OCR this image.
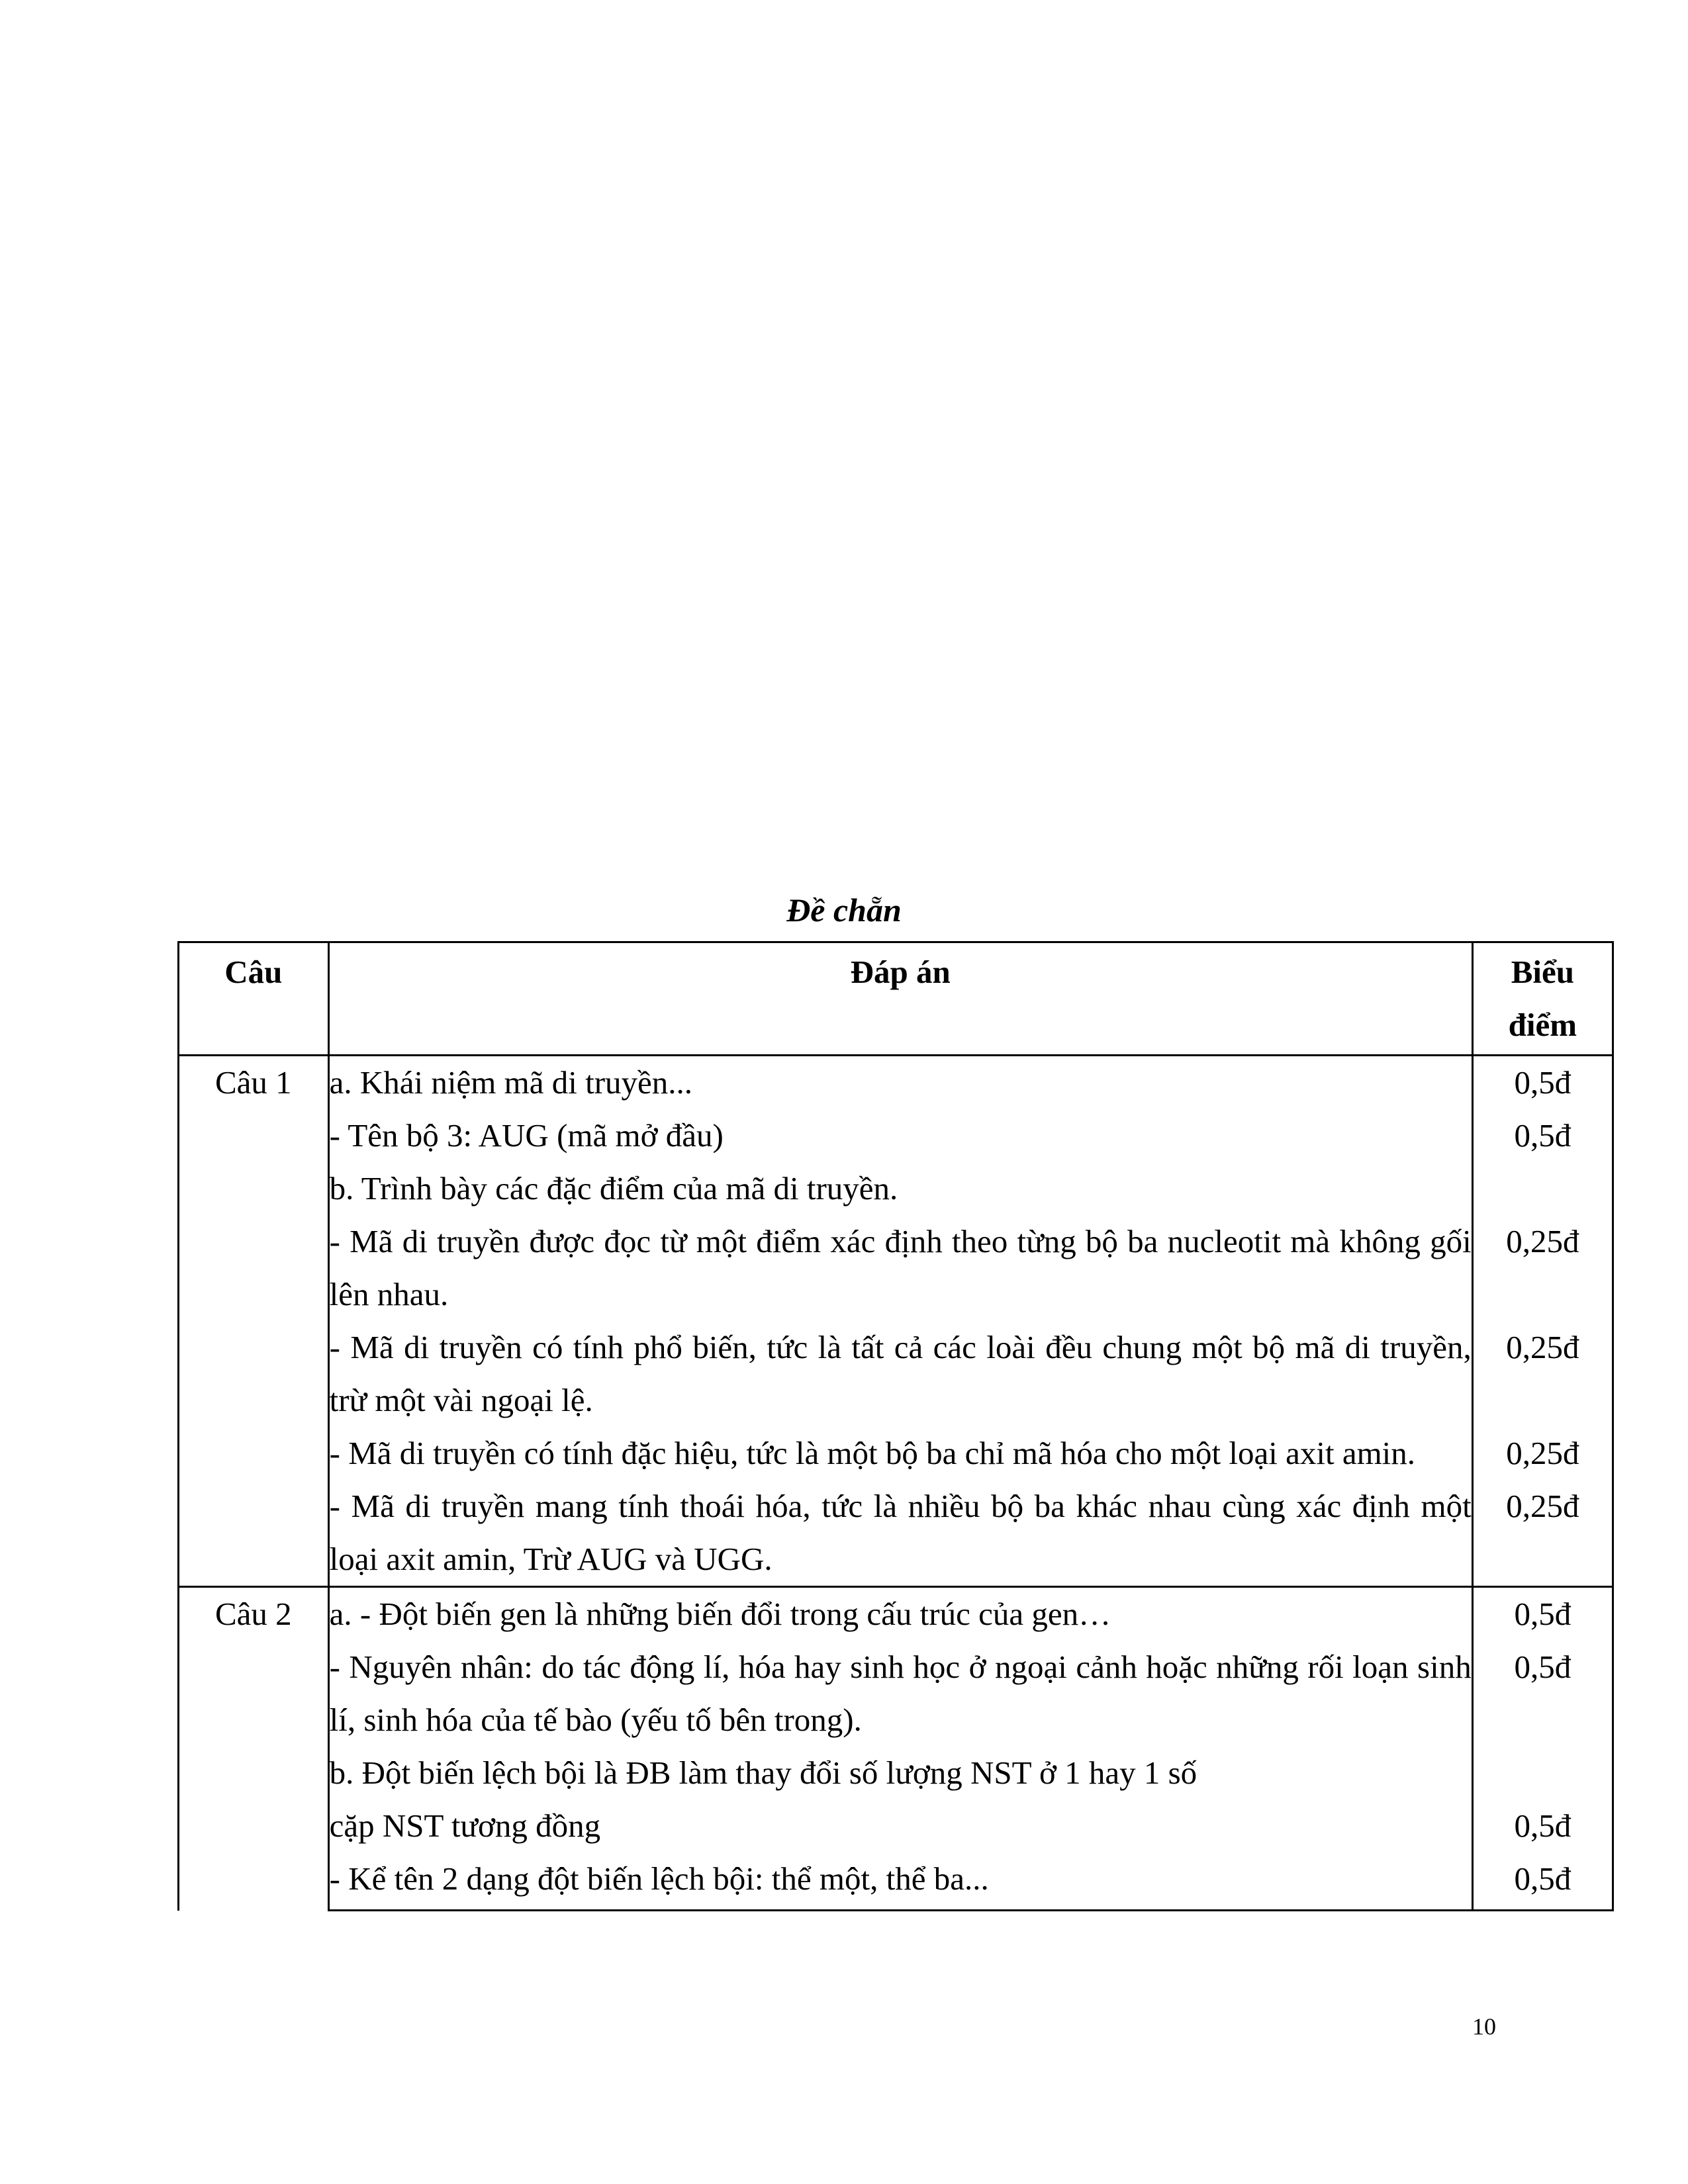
Đề chẵn
Câu	Đáp án	Biểu
điểm
Câu 1	a. Khái niệm mã di truyền...	0,5đ
	- Tên bộ 3: AUG (mã mở đầu)	0,5đ
	b. Trình bày các đặc điểm của mã di truyền.	
	- Mã di truyền được đọc từ một điểm xác định theo từng bộ ba nucleotit mà không gối lên nhau.	0,25đ
	- Mã di truyền có tính phổ biến, tức là tất cả các loài đều chung một bộ mã di truyền, trừ một vài ngoại lệ.	0,25đ
	- Mã di truyền có tính đặc hiệu, tức là một bộ ba chỉ mã hóa cho một loại axit amin.	0,25đ
	- Mã di truyền mang tính thoái hóa, tức là nhiều bộ ba khác nhau cùng xác định một loại axit amin, Trừ AUG và UGG.	0,25đ
Câu 2	a. - Đột biến gen là những biến đổi trong cấu trúc của gen…	0,5đ
	- Nguyên nhân: do tác động lí, hóa hay sinh học ở ngoại cảnh hoặc những rối loạn sinh lí, sinh hóa của tế bào (yếu tố bên trong).	0,5đ
	b. Đột biến lệch bội là ĐB làm thay đổi số lượng NST ở 1 hay 1 số	
	cặp NST tương đồng	0,5đ
	- Kể tên 2 dạng đột biến lệch bội: thể một, thể ba...	0,5đ
10
